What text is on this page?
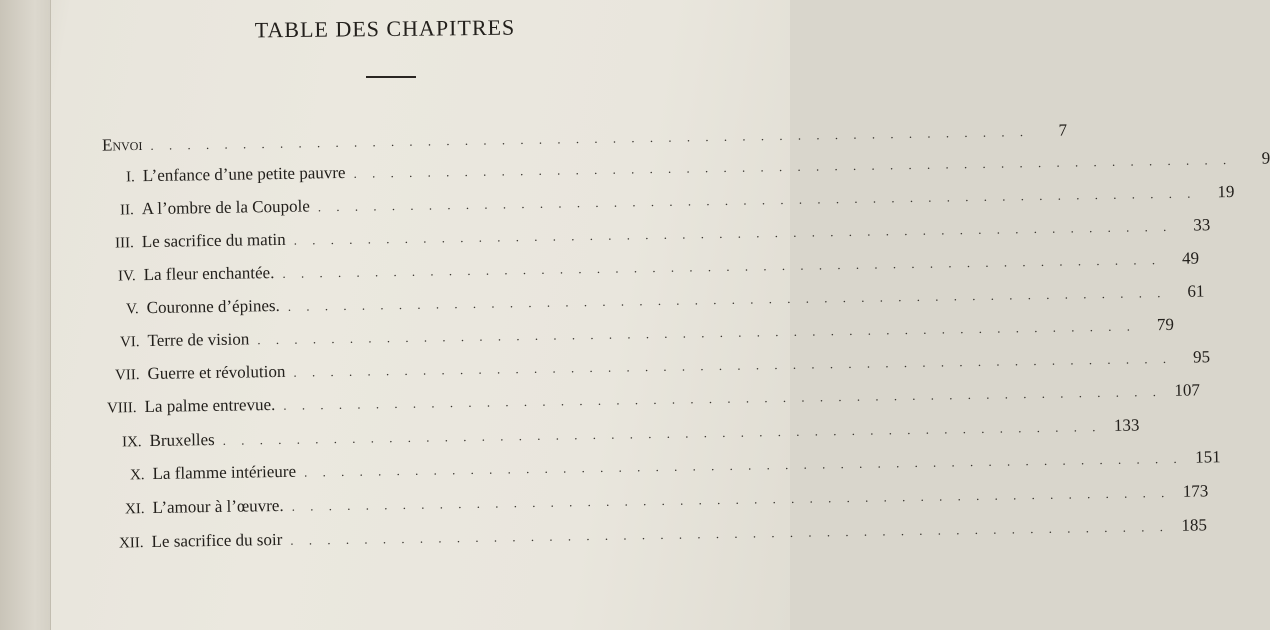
TABLE DES CHAPITRES
Envoi . . . . . . . . . . . . . . . . . . . . . . . . . . . . . . . . . . . . . . . . . . . . . . . .	7
I. L’enfance d’une petite pauvre . . . . . . . . . . . . . . . . . . . . . . . . . . . . . . . . . . . . . . . . . . . . . . . .	9
II. A l’ombre de la Coupole . . . . . . . . . . . . . . . . . . . . . . . . . . . . . . . . . . . . . . . . . . . . . . . .	19
III. Le sacrifice du matin . . . . . . . . . . . . . . . . . . . . . . . . . . . . . . . . . . . . . . . . . . . . . . . .	33
IV. La fleur enchantée. . . . . . . . . . . . . . . . . . . . . . . . . . . . . . . . . . . . . . . . . . . . . . . . .	49
V. Couronne d’épines. . . . . . . . . . . . . . . . . . . . . . . . . . . . . . . . . . . . . . . . . . . . . . . . .	61
VI. Terre de vision . . . . . . . . . . . . . . . . . . . . . . . . . . . . . . . . . . . . . . . . . . . . . . . .	79
VII. Guerre et révolution . . . . . . . . . . . . . . . . . . . . . . . . . . . . . . . . . . . . . . . . . . . . . . . .	95
VIII. La palme entrevue. . . . . . . . . . . . . . . . . . . . . . . . . . . . . . . . . . . . . . . . . . . . . . . . . 107
IX. Bruxelles . . . . . . . . . . . . . . . . . . . . . . . . . . . . . . . . . . . . . . . . . . . . . . . . 133
X. La flamme intérieure . . . . . . . . . . . . . . . . . . . . . . . . . . . . . . . . . . . . . . . . . . . . . . . . 151
XI. L’amour à l’œuvre. . . . . . . . . . . . . . . . . . . . . . . . . . . . . . . . . . . . . . . . . . . . . . . . . 173
XII. Le sacrifice du soir . . . . . . . . . . . . . . . . . . . . . . . . . . . . . . . . . . . . . . . . . . . . . . . . 185
